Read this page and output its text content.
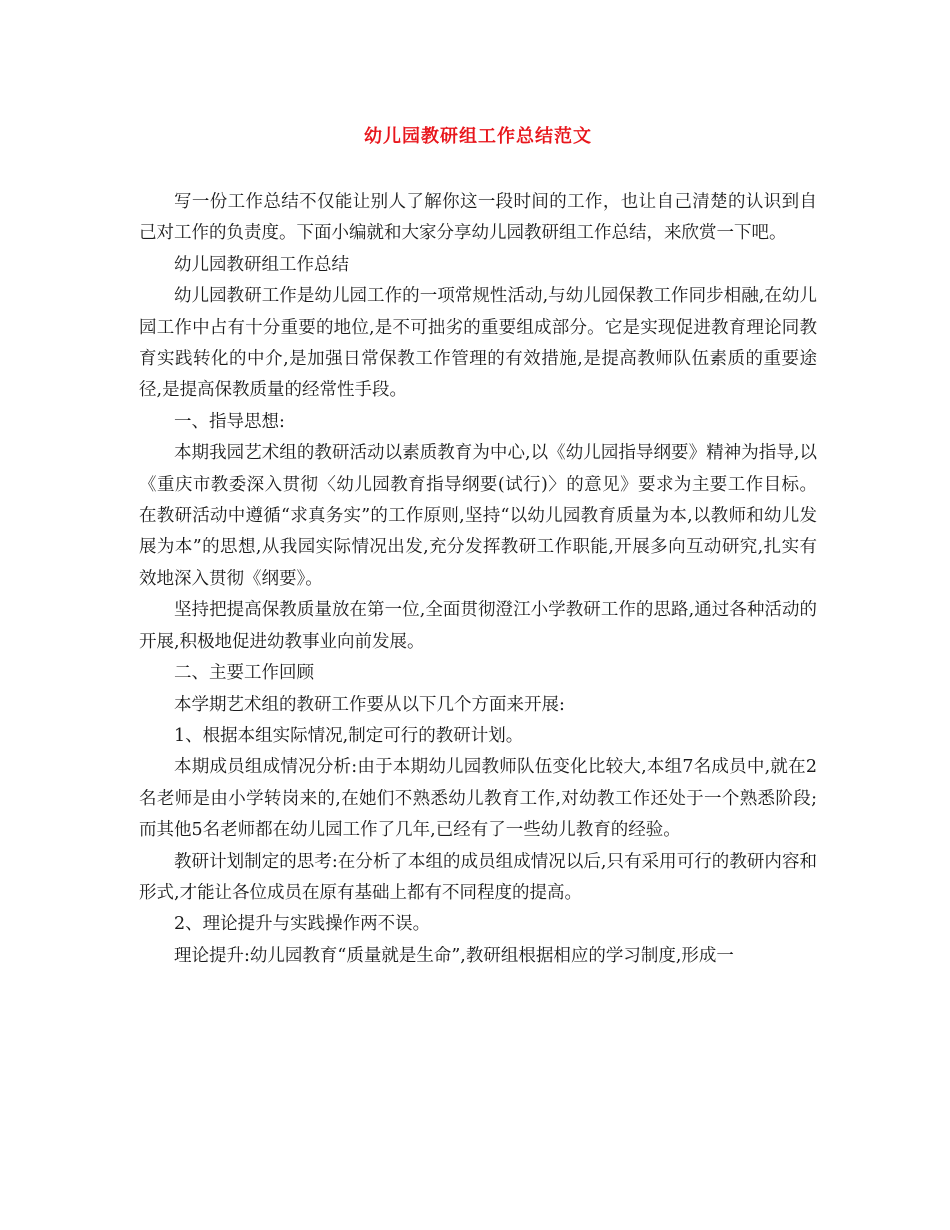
幼儿园教研组工作总结范文

写一份工作总结不仅能让别人了解你这一段时间的工作，也让自己清楚的认识到自己对工作的负责度。下面小编就和大家分享幼儿园教研组工作总结，来欣赏一下吧。

幼儿园教研组工作总结

幼儿园教研工作是幼儿园工作的一项常规性活动,与幼儿园保教工作同步相融,在幼儿园工作中占有十分重要的地位,是不可拙劣的重要组成部分。它是实现促进教育理论同教育实践转化的中介,是加强日常保教工作管理的有效措施,是提高教师队伍素质的重要途径,是提高保教质量的经常性手段。

一、指导思想:

本期我园艺术组的教研活动以素质教育为中心,以《幼儿园指导纲要》精神为指导,以《重庆市教委深入贯彻〈幼儿园教育指导纲要(试行)〉的意见》要求为主要工作目标。在教研活动中遵循“求真务实”的工作原则,坚持“以幼儿园教育质量为本,以教师和幼儿发展为本”的思想,从我园实际情况出发,充分发挥教研工作职能,开展多向互动研究,扎实有效地深入贯彻《纲要》。

坚持把提高保教质量放在第一位,全面贯彻澄江小学教研工作的思路,通过各种活动的开展,积极地促进幼教事业向前发展。

二、主要工作回顾

本学期艺术组的教研工作要从以下几个方面来开展:

1、根据本组实际情况,制定可行的教研计划。

本期成员组成情况分析:由于本期幼儿园教师队伍变化比较大,本组7名成员中,就在2名老师是由小学转岗来的,在她们不熟悉幼儿教育工作,对幼教工作还处于一个熟悉阶段;而其他5名老师都在幼儿园工作了几年,已经有了一些幼儿教育的经验。

教研计划制定的思考:在分析了本组的成员组成情况以后,只有采用可行的教研内容和形式,才能让各位成员在原有基础上都有不同程度的提高。

2、理论提升与实践操作两不误。

理论提升:幼儿园教育“质量就是生命”,教研组根据相应的学习制度,形成一
